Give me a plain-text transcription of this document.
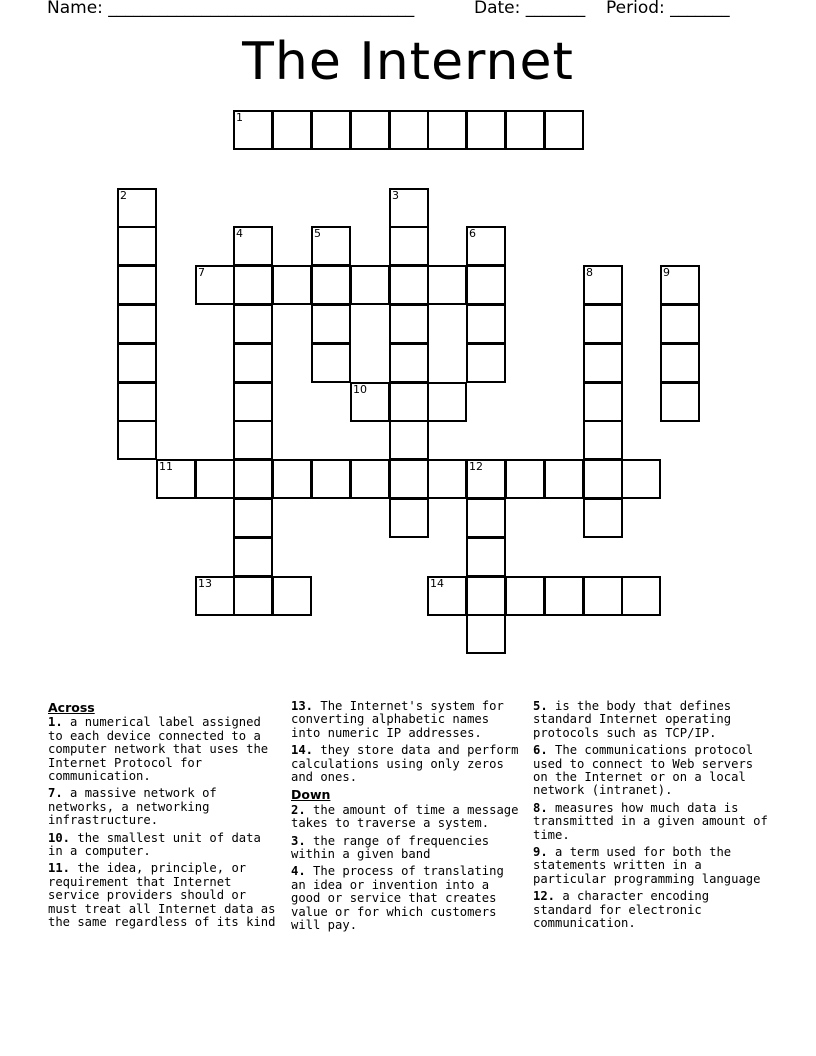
Name: ____________________________________	Date: _______ Period: _______
The Internet
1
2	3
4	5	6
7	8	9
10
11	12
13	14
Across
1. a numerical label assigned to each device connected to a computer network that uses the Internet Protocol for communication.
7. a massive network of networks, a networking infrastructure.
10. the smallest unit of data in a computer.
11. the idea, principle, or requirement that Internet service providers should or must treat all Internet data as the same regardless of its kind
13. The Internet's system for converting alphabetic names into numeric IP addresses.
14. they store data and perform calculations using only zeros and ones.
Down
2. the amount of time a message takes to traverse a system.
3. the range of frequencies within a given band
4. The process of translating an idea or invention into a good or service that creates value or for which customers will pay.
5. is the body that defines standard Internet operating protocols such as TCP/IP.
6. The communications protocol used to connect to Web servers on the Internet or on a local network (intranet).
8. measures how much data is transmitted in a given amount of time.
9. a term used for both the statements written in a particular programming language
12. a character encoding standard for electronic communication.
